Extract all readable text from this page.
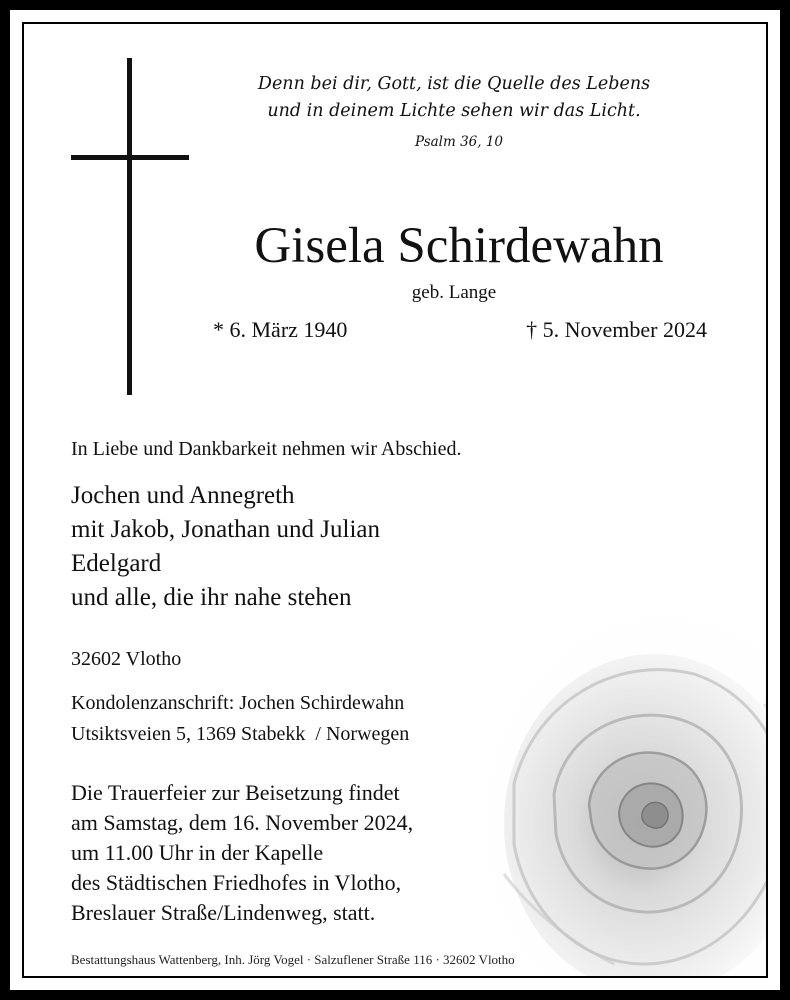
Denn bei dir, Gott, ist die Quelle des Lebens
und in deinem Lichte sehen wir das Licht.
Psalm 36, 10
Gisela Schirdewahn
geb. Lange
* 6. März 1940	† 5. November 2024
In Liebe und Dankbarkeit nehmen wir Abschied.
Jochen und Annegreth
mit Jakob, Jonathan und Julian
Edelgard
und alle, die ihr nahe stehen
32602 Vlotho
Kondolenzanschrift: Jochen Schirdewahn
Utsiktsveien 5, 1369 Stabekk  / Norwegen
Die Trauerfeier zur Beisetzung findet
am Samstag, dem 16. November 2024,
um 11.00 Uhr in der Kapelle
des Städtischen Friedhofes in Vlotho,
Breslauer Straße/Lindenweg, statt.
Bestattungshaus Wattenberg, Inh. Jörg Vogel · Salzuflener Straße 116 · 32602 Vlotho
